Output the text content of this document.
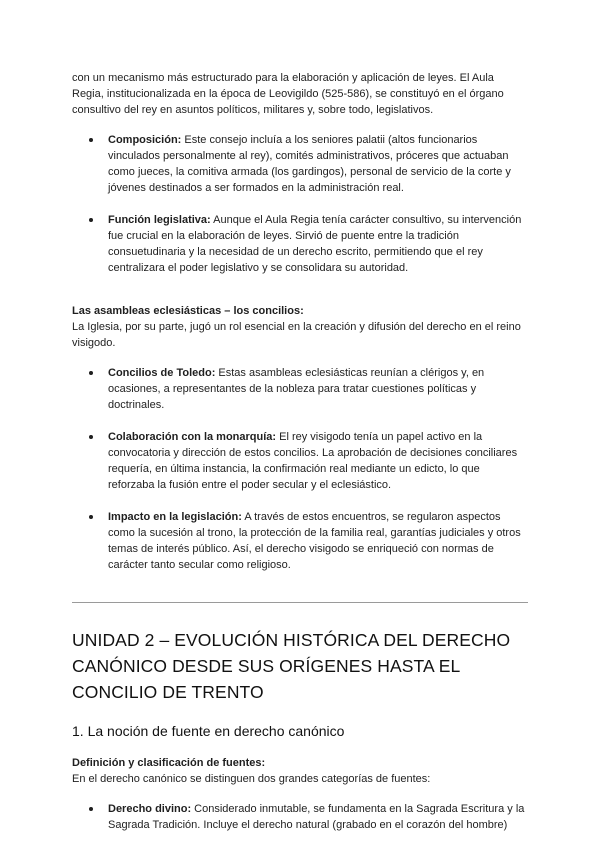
con un mecanismo más estructurado para la elaboración y aplicación de leyes. El Aula Regia, institucionalizada en la época de Leovigildo (525-586), se constituyó en el órgano consultivo del rey en asuntos políticos, militares y, sobre todo, legislativos.

Composición: Este consejo incluía a los seniores palatii (altos funcionarios vinculados personalmente al rey), comités administrativos, próceres que actuaban como jueces, la comitiva armada (los gardingos), personal de servicio de la corte y jóvenes destinados a ser formados en la administración real.
Función legislativa: Aunque el Aula Regia tenía carácter consultivo, su intervención fue crucial en la elaboración de leyes. Sirvió de puente entre la tradición consuetudinaria y la necesidad de un derecho escrito, permitiendo que el rey centralizara el poder legislativo y se consolidara su autoridad.

Las asambleas eclesiásticas – los concilios:

La Iglesia, por su parte, jugó un rol esencial en la creación y difusión del derecho en el reino visigodo.

Concilios de Toledo: Estas asambleas eclesiásticas reunían a clérigos y, en ocasiones, a representantes de la nobleza para tratar cuestiones políticas y doctrinales.
Colaboración con la monarquía: El rey visigodo tenía un papel activo en la convocatoria y dirección de estos concilios. La aprobación de decisiones conciliares requería, en última instancia, la confirmación real mediante un edicto, lo que reforzaba la fusión entre el poder secular y el eclesiástico.
Impacto en la legislación: A través de estos encuentros, se regularon aspectos como la sucesión al trono, la protección de la familia real, garantías judiciales y otros temas de interés público. Así, el derecho visigodo se enriqueció con normas de carácter tanto secular como religioso.
UNIDAD 2 – EVOLUCIÓN HISTÓRICA DEL DERECHO CANÓNICO DESDE SUS ORÍGENES HASTA EL CONCILIO DE TRENTO
1. La noción de fuente en derecho canónico

Definición y clasificación de fuentes:

En el derecho canónico se distinguen dos grandes categorías de fuentes:

Derecho divino: Considerado inmutable, se fundamenta en la Sagrada Escritura y la Sagrada Tradición. Incluye el derecho natural (grabado en el corazón del hombre)
